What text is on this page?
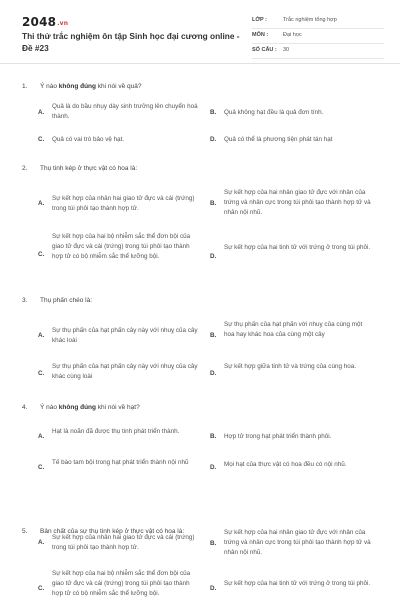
2048.vn
Thi thử trắc nghiệm ôn tập Sinh học đại cương online - Đề #23
LỚP :	Trắc nghiệm tổng hợp
MÔN :	Đại học
SỐ CÂU : 30
1. Ý nào không đúng khi nói về quả?
A.
Quả là do bầu nhụy dày sinh trưởng lên chuyển hoá thành.
B. Quả không hạt đều là quả đơn tính.
C. Quả có vai trò bảo vệ hạt.	D. Quả có thể là phương tiện phát tán hạt
2. Thụ tinh kép ở thực vật có hoa là:
A.
Sự kết hợp của nhân hai giao tử đực và cái (trứng) trong túi phôi tạo thành hợp tử.
B.
Sự kết hợp của hai nhân giao tử đực với nhân của trứng và nhân cực trong túi phôi tạo thành hợp tử và nhân nội nhũ.
C.
Sự kết hợp của hai bộ nhiễm sắc thể đơn bội của giao tử đực và cái (trứng) trong túi phôi tạo thành hợp tử có bộ nhiễm sắc thể lưỡng bội.	D.
Sự kết hợp của hai tinh tử với trứng ở trong túi phôi.
3. Thụ phấn chéo là:
A.
Sự thụ phấn của hạt phấn cây này với nhuỵ của cây khác loài
B.
Sự thụ phấn của hạt phấn với nhuỵ của cùng một hoa hay khác hoa của cùng một cây
C.
Sự thụ phấn của hạt phấn cây này với nhuỵ của cây khác cùng loài	D.
Sự kết hợp giữa tinh tử và trứng của cùng hoa.
4. Ý nào không đúng khi nói về hạt?
A.
Hạt là noãn đã được thụ tinh phát triển thành.
B. Hợp tử trong hạt phát triển thành phôi.
C.
Tế bào tam bội trong hạt phát triển thành nội nhũ
D. Mọi hạt của thực vật có hoa đều có nội nhũ.
5. Bản chất của sự thụ tinh kép ở thực vật có hoa là:
A.
Sự kết hợp của nhân hai giao tử đực và cái (trứng) trong túi phôi tạo thành hợp tử.
B.
Sự kết hợp của hai nhân giao tử đực với nhân của trứng và nhân cực trong túi phôi tạo thành hợp tử và nhân nội nhũ.
C.
Sự kết hợp của hai bộ nhiễm sắc thể đơn bội của giao tử đực và cái (trứng) trong túi phôi tạo thành hợp tử có bộ nhiễm sắc thể lưỡng bội.
D.
Sự kết hợp của hai tinh tử với trứng ở trong túi phôi.
